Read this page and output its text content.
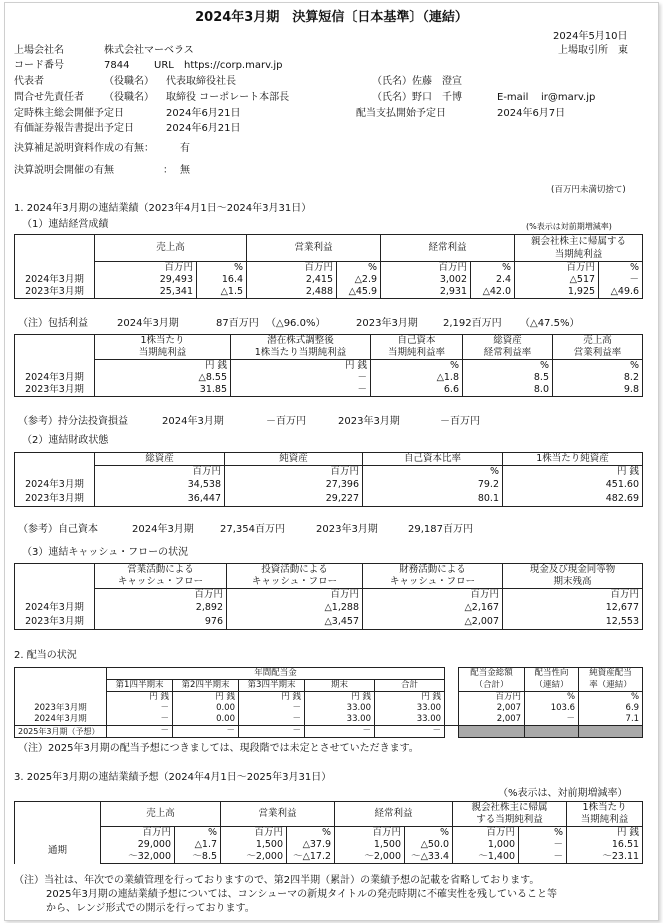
2024年3月期　決算短信〔日本基準〕（連結）
2024年5月10日
上場会社名	株式会社マーベラス	上場取引所　東
コード番号	7844 URL https://corp.marv.jp
代表者	（役職名） 代表取締役社長	（氏名） 佐藤　澄宣
問合せ先責任者 （役職名） 取締役 コーポレート本部長	（氏名） 野口　千博	E-mail ir@marv.jp
定時株主総会開催予定日	2024年6月21日	配当支払開始予定日	2024年6月7日
有価証券報告書提出予定日	2024年6月21日
決算補足説明資料作成の有無：	有
決算説明会開催の有無	： 無
(百万円未満切捨て)
1. 2024年3月期の連結業績（2023年4月1日～2024年3月31日）
（1）連結経営成績	(%表示は対前期増減率)
	売上高		営業利益		経常利益		親会社株主に帰属する	
							当期純利益	
	百万円	%	百万円	%	百万円	%	百万円	%
2024年3月期	29,493	16.4	2,415	△2.9	3,002	2.4	△517	－
2023年3月期	25,341	△1.5	2,488	△45.9	2,931	△42.0	1,925	△49.6
（注）包括利益	2024年3月期	87百万円 （△96.0%）	2023年3月期	2,192百万円 （△47.5%）
	1株当たり	潜在株式調整後	自己資本	総資産	売上高
	当期純利益	1株当たり当期純利益	当期純利益率	経常利益率	営業利益率
	円 銭	円 銭	%	%	%
2024年3月期	△8.55	－	△1.8	8.5	8.2
2023年3月期	31.85	－	6.6	8.0	9.8
（参考）持分法投資損益	2024年3月期	－百万円	2023年3月期	－百万円
（2）連結財政状態
	総資産	純資産	自己資本比率	1株当たり純資産
	百万円	百万円	%	円 銭
2024年3月期	34,538	27,396	79.2	451.60
2023年3月期	36,447	29,227	80.1	482.69
（参考）自己資本	2024年3月期	27,354百万円	2023年3月期	29,187百万円
（3）連結キャッシュ・フローの状況
	営業活動による	投資活動による	財務活動による	現金及び現金同等物
	キャッシュ・フロー	キャッシュ・フロー	キャッシュ・フロー	期末残高
	百万円	百万円	百万円	百万円
2024年3月期	2,892	△1,288	△2,167	12,677
2023年3月期	976	△3,457	△2,007	12,553
2. 配当の状況
	年間配当金						配当金総額	配当性向	純資産配当
	第1四半期末	第2四半期末	第3四半期末	期末	合計		（合計）	（連結）	率（連結）
	円 銭	円 銭	円 銭	円 銭	円 銭		百万円	%	%
2023年3月期	－	0.00	－	33.00	33.00		2,007	103.6	6.9
2024年3月期	－	0.00	－	33.00	33.00		2,007	－	7.1
2025年3月期（予想）	－	－	－	－	－				
（注）2025年3月期の配当予想につきましては、現段階では未定とさせていただきます。
3. 2025年3月期の連結業績予想（2024年4月1日～2025年3月31日）
（%表示は、対前期増減率）
	売上高		営業利益		経常利益		親会社株主に帰属		1株当たり
							する当期純利益		当期純利益
	百万円	%	百万円	%	百万円	%	百万円	%	円 銭
通期	29,000	△1.7	1,500	△37.9	1,500	△50.0	1,000	－	16.51
	～32,000	～8.5	～2,000	～△17.2	～2,000	～△33.4	～1,400	－	～23.11
（注）当社は、年次での業績管理を行っておりますので、第2四半期（累計）の業績予想の記載を省略しております。
2025年3月期の連結業績予想については、コンシューマの新規タイトルの発売時期に不確実性を残していること等
から、レンジ形式での開示を行っております。
